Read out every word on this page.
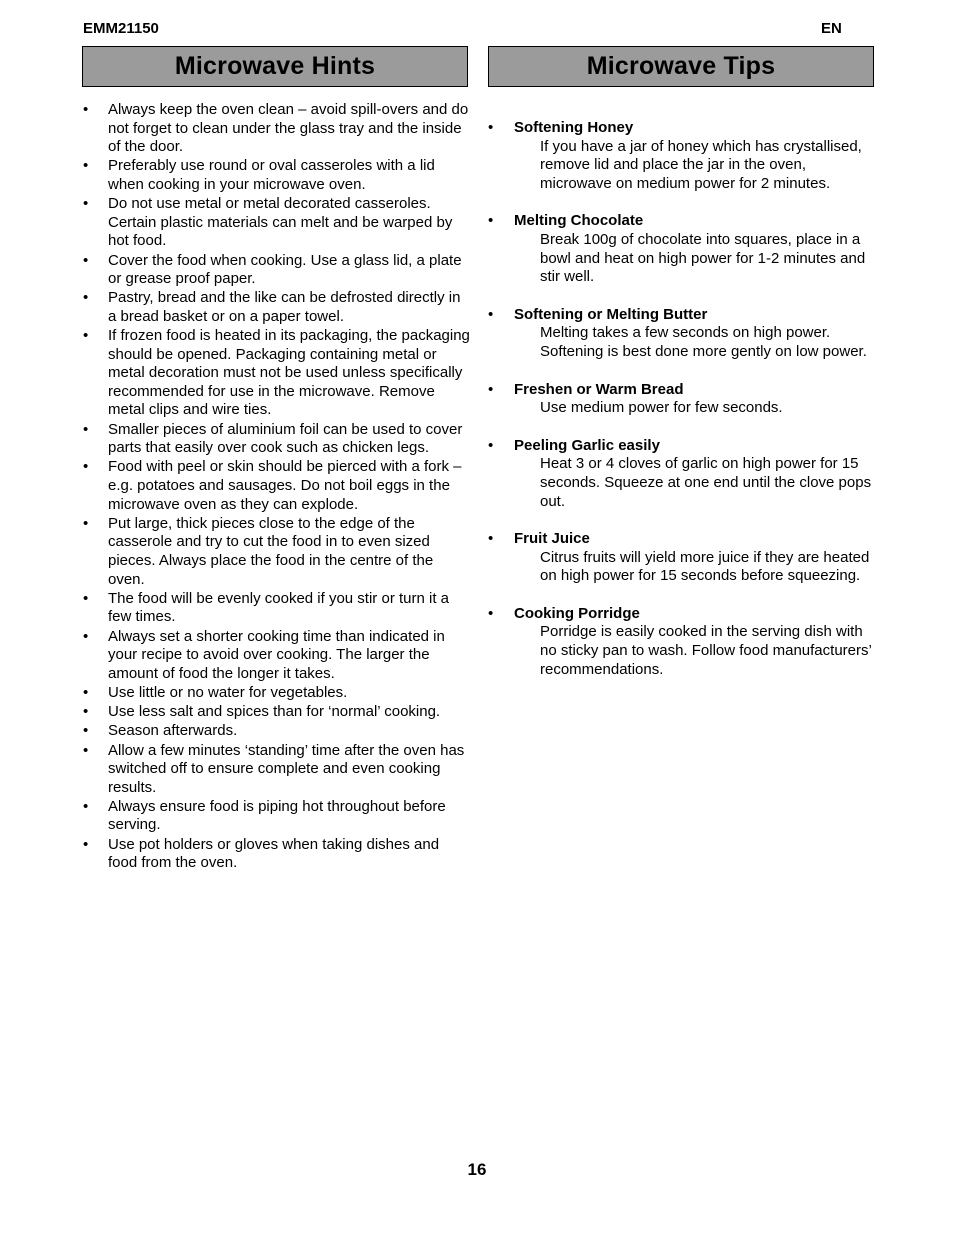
EMM21150	EN
Microwave Hints	Microwave Tips
• Always keep the oven clean – avoid spill-overs and do not forget to clean under the glass tray and the inside of the door.
• Preferably use round or oval casseroles with a lid when cooking in your microwave oven.
• Do not use metal or metal decorated casseroles. Certain plastic materials can melt and be warped by hot food.
• Cover the food when cooking. Use a glass lid, a plate or grease proof paper.
• Pastry, bread and the like can be defrosted directly in a bread basket or on a paper towel.
• If frozen food is heated in its packaging, the packaging should be opened. Packaging containing metal or metal decoration must not be used unless specifically recommended for use in the microwave. Remove metal clips and wire ties.
• Smaller pieces of aluminium foil can be used to cover parts that easily over cook such as chicken legs.
• Food with peel or skin should be pierced with a fork – e.g. potatoes and sausages. Do not boil eggs in the microwave oven as they can explode.
• Put large, thick pieces close to the edge of the casserole and try to cut the food in to even sized pieces. Always place the food in the centre of the oven.
• The food will be evenly cooked if you stir or turn it a few times.
• Always set a shorter cooking time than indicated in your recipe to avoid over cooking. The larger the amount of food the longer it takes.
• Use little or no water for vegetables.
• Use less salt and spices than for ‘normal’ cooking.
• Season afterwards.
• Allow a few minutes ‘standing’ time after the oven has switched off to ensure complete and even cooking results.
• Always ensure food is piping hot throughout before serving.
• Use pot holders or gloves when taking dishes and food from the oven.
• Softening Honey
If you have a jar of honey which has crystallised, remove lid and place the jar in the oven, microwave on medium power for 2 minutes.
• Melting Chocolate
Break 100g of chocolate into squares, place in a bowl and heat on high power for 1-2 minutes and stir well.
• Softening or Melting Butter
Melting takes a few seconds on high power. Softening is best done more gently on low power.
• Freshen or Warm Bread
Use medium power for few seconds.
• Peeling Garlic easily
Heat 3 or 4 cloves of garlic on high power for 15 seconds. Squeeze at one end until the clove pops out.
• Fruit Juice
Citrus fruits will yield more juice if they are heated on high power for 15 seconds before squeezing.
• Cooking Porridge
Porridge is easily cooked in the serving dish with no sticky pan to wash. Follow food manufacturers’ recommendations.
16
